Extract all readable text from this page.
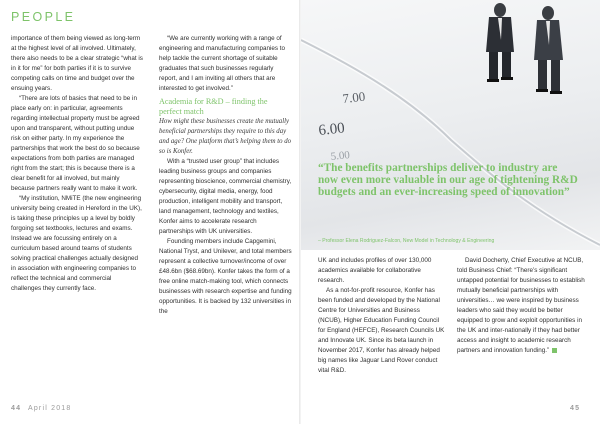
PEOPLE

importance of them being viewed as long-term at the highest level of all involved. Ultimately, there also needs to be a clear strategic “what is in it for me” for both parties if it is to survive competing calls on time and budget over the ensuing years.

“There are lots of basics that need to be in place early on: in particular, agreements regarding intellectual property must be agreed upon and transparent, without putting undue risk on either party. In my experience the partnerships that work the best do so because expectations from both parties are managed right from the start; this is because there is a clear benefit for all involved, but mainly because partners really want to make it work.

“My institution, NMiTE (the new engineering university being created in Hereford in the UK), is taking these principles up a level by boldly forgoing set textbooks, lectures and exams. Instead we are focussing entirely on a curriculum based around teams of students solving practical challenges actually designed in association with engineering companies to reflect the technical and commercial challenges they currently face.

“We are currently working with a range of engineering and manufacturing companies to help tackle the current shortage of suitable graduates that such businesses regularly report, and I am inviting all others that are interested to get involved.”

Academia for R&D – finding the perfect match

How might these businesses create the mutually beneficial partnerships they require to this day and age? One platform that’s helping them to do so is Konfer.

With a “trusted user group” that includes leading business groups and companies representing bioscience, commercial chemistry, cybersecurity, digital media, energy, food production, intelligent mobility and transport, land management, technology and textiles, Konfer aims to accelerate research partnerships with UK universities.

Founding members include Capgemini, National Tryst, and Unilever, and total members represent a collective turnover/income of over £48.6bn ($68.69bn). Konfer takes the form of a free online match-making tool, which connects businesses with research expertise and funding opportunities. It is backed by 132 universities in the

7.00
6.00
5.00
“The benefits partnerships deliver to industry are now even more valuable in our age of tightening R&D budgets and an ever-increasing speed of innovation”
– Professor Elena Rodriguez-Falcon, New Model in Technology & Engineering

UK and includes profiles of over 130,000 academics available for collaborative research.

As a not-for-profit resource, Konfer has been funded and developed by the National Centre for Universities and Business (NCUB), Higher Education Funding Council for England (HEFCE), Research Councils UK and Innovate UK. Since its beta launch in November 2017, Konfer has already helped big names like Jaguar Land Rover conduct vital R&D.

David Docherty, Chief Executive at NCUB, told Business Chief: “There’s significant untapped potential for businesses to establish mutually beneficial partnerships with universities… we were inspired by business leaders who said they would be better equipped to grow and exploit opportunities in the UK and inter-nationally if they had better access and insight to academic research partners and innovation funding.”

44 April 2018	45
